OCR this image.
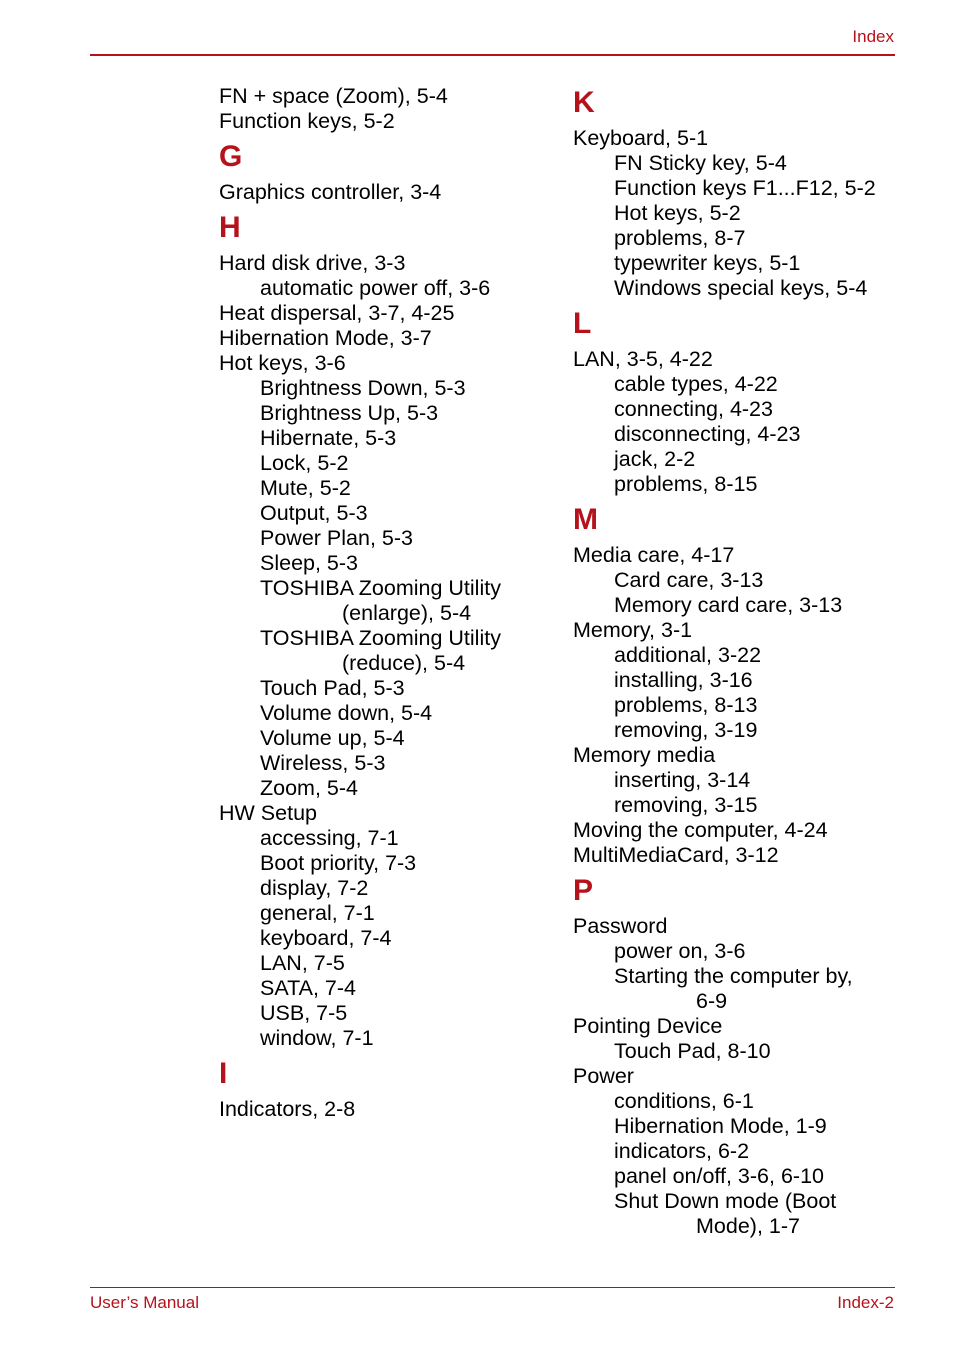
Index
FN + space (Zoom), 5-4
Function keys, 5-2
G
Graphics controller, 3-4
H
Hard disk drive, 3-3
automatic power off, 3-6
Heat dispersal, 3-7, 4-25
Hibernation Mode, 3-7
Hot keys, 3-6
Brightness Down, 5-3
Brightness Up, 5-3
Hibernate, 5-3
Lock, 5-2
Mute, 5-2
Output, 5-3
Power Plan, 5-3
Sleep, 5-3
TOSHIBA Zooming Utility
(enlarge), 5-4
TOSHIBA Zooming Utility
(reduce), 5-4
Touch Pad, 5-3
Volume down, 5-4
Volume up, 5-4
Wireless, 5-3
Zoom, 5-4
HW Setup
accessing, 7-1
Boot priority, 7-3
display, 7-2
general, 7-1
keyboard, 7-4
LAN, 7-5
SATA, 7-4
USB, 7-5
window, 7-1
I
Indicators, 2-8
K
Keyboard, 5-1
FN Sticky key, 5-4
Function keys F1...F12, 5-2
Hot keys, 5-2
problems, 8-7
typewriter keys, 5-1
Windows special keys, 5-4
L
LAN, 3-5, 4-22
cable types, 4-22
connecting, 4-23
disconnecting, 4-23
jack, 2-2
problems, 8-15
M
Media care, 4-17
Card care, 3-13
Memory card care, 3-13
Memory, 3-1
additional, 3-22
installing, 3-16
problems, 8-13
removing, 3-19
Memory media
inserting, 3-14
removing, 3-15
Moving the computer, 4-24
MultiMediaCard, 3-12
P
Password
power on, 3-6
Starting the computer by,
6-9
Pointing Device
Touch Pad, 8-10
Power
conditions, 6-1
Hibernation Mode, 1-9
indicators, 6-2
panel on/off, 3-6, 6-10
Shut Down mode (Boot
Mode), 1-7
User’s Manual	Index-2
